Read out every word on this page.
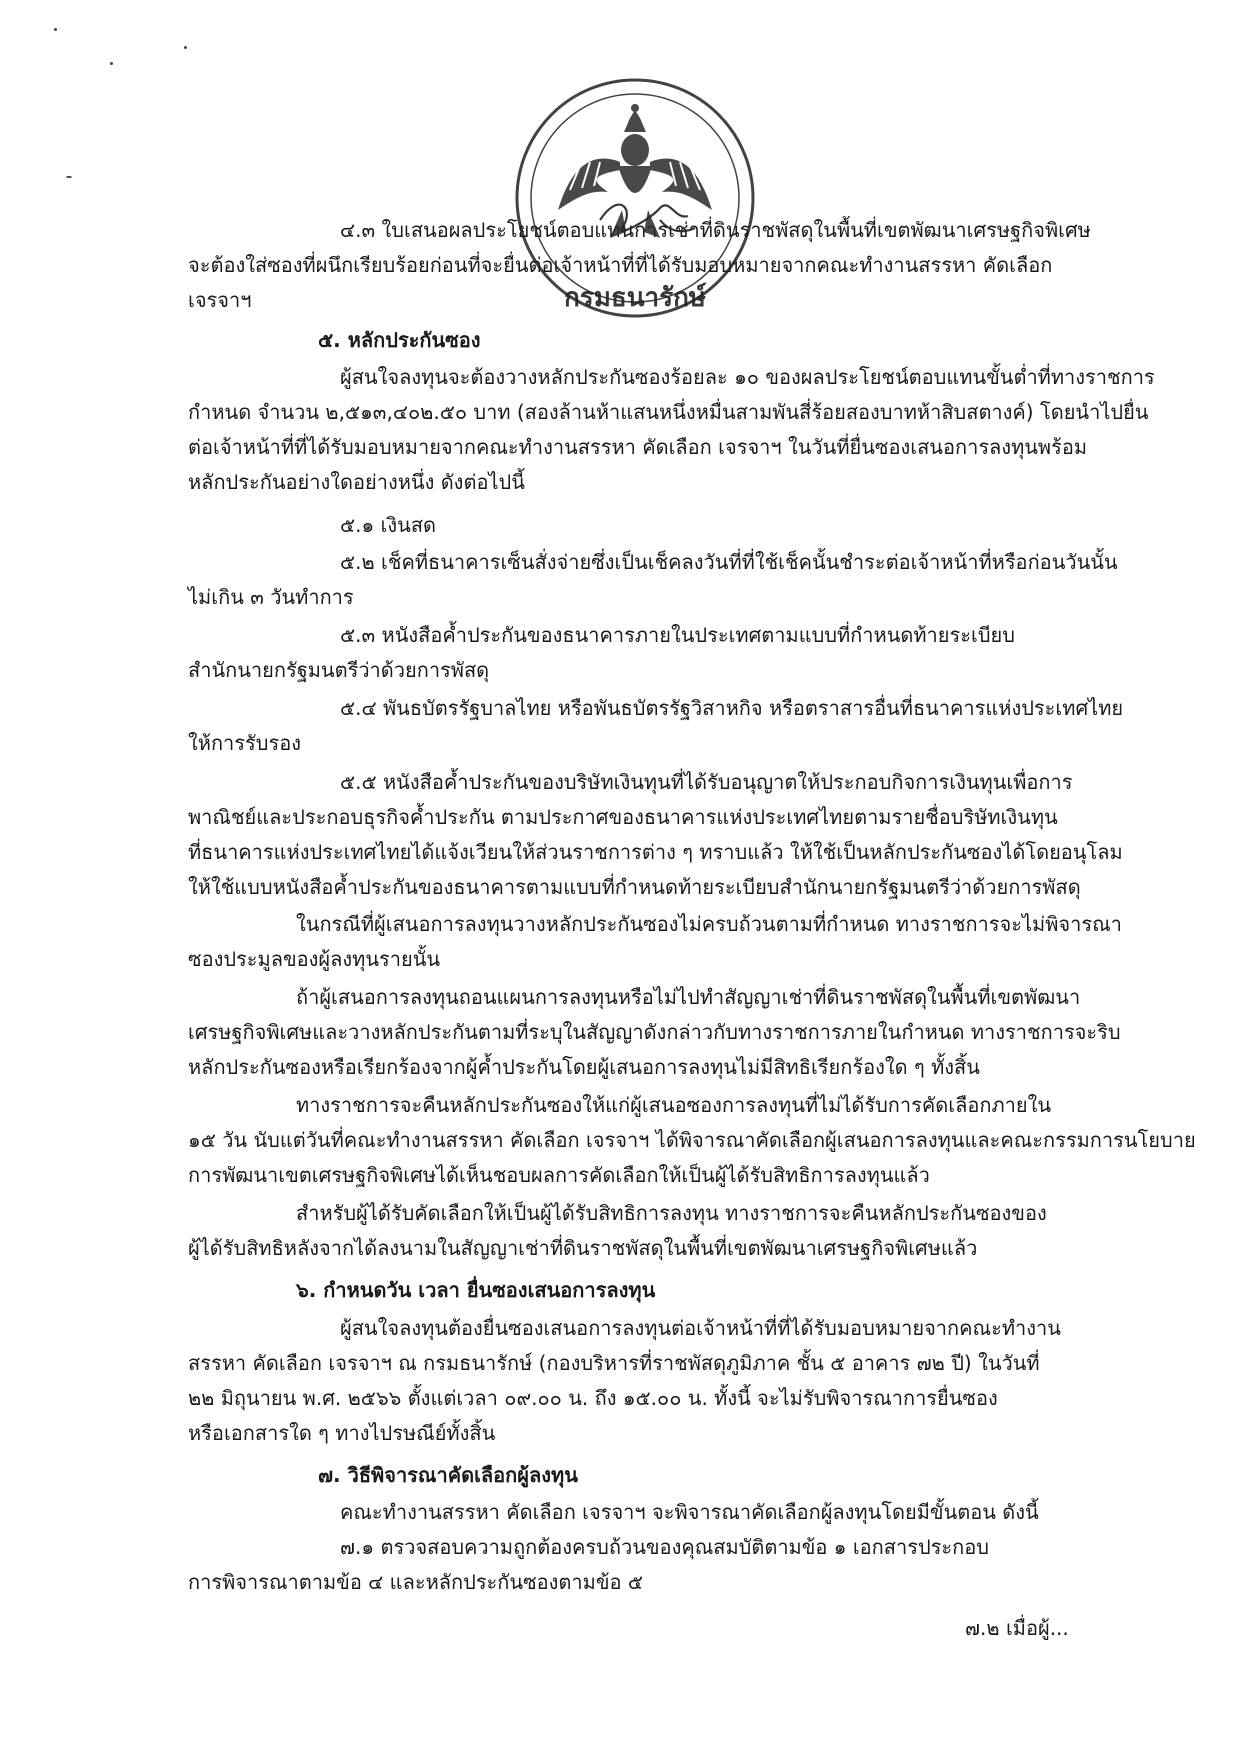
๔.๓ ใบเสนอผลประโยชน์ตอบแทนการเช่าที่ดินราชพัสดุในพื้นที่เขตพัฒนาเศรษฐกิจพิเศษ
จะต้องใส่ซองที่ผนึกเรียบร้อยก่อนที่จะยื่นต่อเจ้าหน้าที่ที่ได้รับมอบหมายจากคณะทำงานสรรหา คัดเลือก
เจรจาฯ
๕. หลักประกันซอง
ผู้สนใจลงทุนจะต้องวางหลักประกันซองร้อยละ ๑๐ ของผลประโยชน์ตอบแทนขั้นต่ำที่ทางราชการ
กำหนด จำนวน ๒,๕๑๓,๔๐๒.๕๐ บาท (สองล้านห้าแสนหนึ่งหมื่นสามพันสี่ร้อยสองบาทห้าสิบสตางค์) โดยนำไปยื่น
ต่อเจ้าหน้าที่ที่ได้รับมอบหมายจากคณะทำงานสรรหา คัดเลือก เจรจาฯ ในวันที่ยื่นซองเสนอการลงทุนพร้อม
หลักประกันอย่างใดอย่างหนึ่ง ดังต่อไปนี้
๕.๑ เงินสด
๕.๒ เช็คที่ธนาคารเซ็นสั่งจ่ายซึ่งเป็นเช็คลงวันที่ที่ใช้เช็คนั้นชำระต่อเจ้าหน้าที่หรือก่อนวันนั้น
ไม่เกิน ๓ วันทำการ
๕.๓ หนังสือค้ำประกันของธนาคารภายในประเทศตามแบบที่กำหนดท้ายระเบียบ
สำนักนายกรัฐมนตรีว่าด้วยการพัสดุ
๕.๔ พันธบัตรรัฐบาลไทย หรือพันธบัตรรัฐวิสาหกิจ หรือตราสารอื่นที่ธนาคารแห่งประเทศไทย
ให้การรับรอง
๕.๕ หนังสือค้ำประกันของบริษัทเงินทุนที่ได้รับอนุญาตให้ประกอบกิจการเงินทุนเพื่อการ
พาณิชย์และประกอบธุรกิจค้ำประกัน ตามประกาศของธนาคารแห่งประเทศไทยตามรายชื่อบริษัทเงินทุน
ที่ธนาคารแห่งประเทศไทยได้แจ้งเวียนให้ส่วนราชการต่าง ๆ ทราบแล้ว ให้ใช้เป็นหลักประกันซองได้โดยอนุโลม
ให้ใช้แบบหนังสือค้ำประกันของธนาคารตามแบบที่กำหนดท้ายระเบียบสำนักนายกรัฐมนตรีว่าด้วยการพัสดุ
ในกรณีที่ผู้เสนอการลงทุนวางหลักประกันซองไม่ครบถ้วนตามที่กำหนด ทางราชการจะไม่พิจารณา
ซองประมูลของผู้ลงทุนรายนั้น
ถ้าผู้เสนอการลงทุนถอนแผนการลงทุนหรือไม่ไปทำสัญญาเช่าที่ดินราชพัสดุในพื้นที่เขตพัฒนา
เศรษฐกิจพิเศษและวางหลักประกันตามที่ระบุในสัญญาดังกล่าวกับทางราชการภายในกำหนด ทางราชการจะริบ
หลักประกันซองหรือเรียกร้องจากผู้ค้ำประกันโดยผู้เสนอการลงทุนไม่มีสิทธิเรียกร้องใด ๆ ทั้งสิ้น
ทางราชการจะคืนหลักประกันซองให้แก่ผู้เสนอซองการลงทุนที่ไม่ได้รับการคัดเลือกภายใน
๑๕ วัน นับแต่วันที่คณะทำงานสรรหา คัดเลือก เจรจาฯ ได้พิจารณาคัดเลือกผู้เสนอการลงทุนและคณะกรรมการนโยบาย
การพัฒนาเขตเศรษฐกิจพิเศษได้เห็นชอบผลการคัดเลือกให้เป็นผู้ได้รับสิทธิการลงทุนแล้ว
สำหรับผู้ได้รับคัดเลือกให้เป็นผู้ได้รับสิทธิการลงทุน ทางราชการจะคืนหลักประกันซองของ
ผู้ได้รับสิทธิหลังจากได้ลงนามในสัญญาเช่าที่ดินราชพัสดุในพื้นที่เขตพัฒนาเศรษฐกิจพิเศษแล้ว
๖. กำหนดวัน เวลา ยื่นซองเสนอการลงทุน
ผู้สนใจลงทุนต้องยื่นซองเสนอการลงทุนต่อเจ้าหน้าที่ที่ได้รับมอบหมายจากคณะทำงาน
สรรหา คัดเลือก เจรจาฯ ณ กรมธนารักษ์ (กองบริหารที่ราชพัสดุภูมิภาค ชั้น ๕ อาคาร ๗๒ ปี) ในวันที่
๒๒ มิถุนายน พ.ศ. ๒๕๖๖ ตั้งแต่เวลา ๐๙.๐๐ น. ถึง ๑๕.๐๐ น. ทั้งนี้ จะไม่รับพิจารณาการยื่นซอง
หรือเอกสารใด ๆ ทางไปรษณีย์ทั้งสิ้น
๗. วิธีพิจารณาคัดเลือกผู้ลงทุน
คณะทำงานสรรหา คัดเลือก เจรจาฯ จะพิจารณาคัดเลือกผู้ลงทุนโดยมีขั้นตอน ดังนี้
๗.๑ ตรวจสอบความถูกต้องครบถ้วนของคุณสมบัติตามข้อ ๑ เอกสารประกอบ
การพิจารณาตามข้อ ๔ และหลักประกันซองตามข้อ ๕
๗.๒ เมื่อผู้...
กรมธนารักษ์
